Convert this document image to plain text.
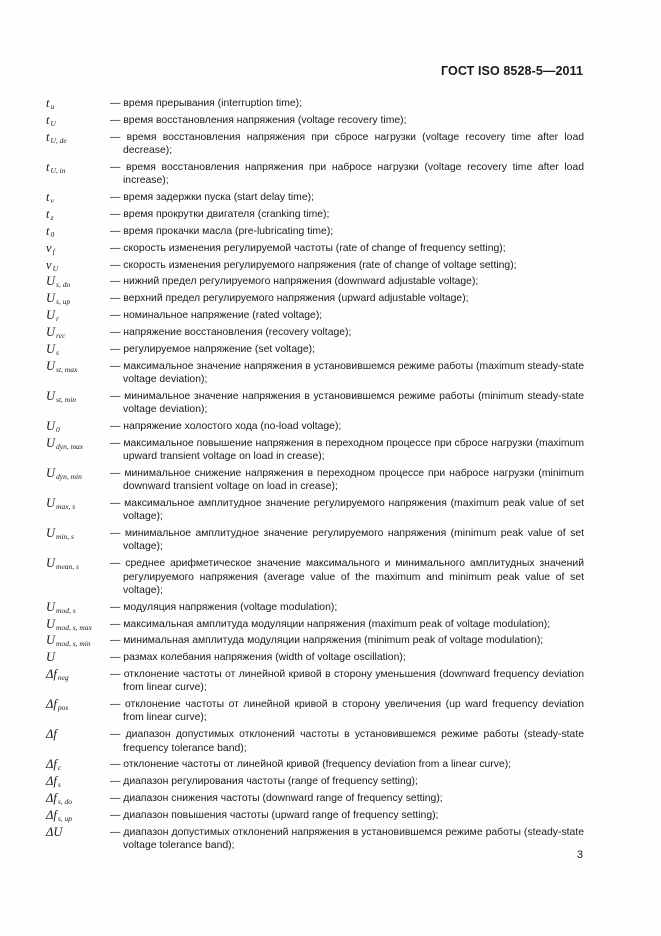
ГОСТ ISO 8528-5—2011
$t_u$	— время прерывания (interruption time);
$t_U$	— время восстановления напряжения (voltage recovery time);
$t_{U, de}$	— время восстановления напряжения при сбросе нагрузки (voltage recovery time after load decrease);
$t_{U, in}$	— время восстановления напряжения при набросе нагрузки (voltage recovery time after load increase);
$t_v$	— время задержки пуска (start delay time);
$t_z$	— время прокрутки двигателя (cranking time);
$t_0$	— время прокачки масла (pre-lubricating time);
$v_f$	— скорость изменения регулируемой частоты (rate of change of frequency setting);
$v_U$	— скорость изменения регулируемого напряжения (rate of change of voltage setting);
$U_{s, do}$	— нижний предел регулируемого напряжения (downward adjustable voltage);
$U_{s, up}$	— верхний предел регулируемого напряжения (upward adjustable voltage);
$U_r$	— номинальное напряжение (rated voltage);
$U_{rec}$	— напряжение восстановления (recovery voltage);
$U_s$	— регулируемое напряжение (set voltage);
$U_{st, max}$	— максимальное значение напряжения в установившемся режиме работы (maximum steady-state voltage deviation);
$U_{st, min}$	— минимальное значение напряжения в установившемся режиме работы (minimum steady-state voltage deviation);
$U_0$	— напряжение холостого хода (no-load voltage);
$U_{dyn, max}$	— максимальное повышение напряжения в переходном процессе при сбросе нагрузки (maximum upward transient voltage on load in crease);
$U_{dyn, min}$	— минимальное снижение напряжения в переходном процессе при набросе нагрузки (minimum downward transient voltage on load in crease);
$U_{max, s}$	— максимальное амплитудное значение регулируемого напряжения (maximum peak value of set voltage);
$U_{min, s}$	— минимальное амплитудное значение регулируемого напряжения (minimum peak value of set voltage);
$U_{mean, s}$	— среднее арифметическое значение максимального и минимального амплитудных значений регулируемого напряжения (average value of the maximum and minimum peak value of set voltage);
$U_{mod, s}$	— модуляция напряжения (voltage modulation);
$U_{mod, s, max}$	— максимальная амплитуда модуляции напряжения (maximum peak of voltage modulation);
$U_{mod, s, min}$	— минимальная амплитуда модуляции напряжения (minimum peak of voltage modulation);
U	— размах колебания напряжения (width of voltage oscillation);
$\Delta f_{neg}$	— отклонение частоты от линейной кривой в сторону уменьшения (downward frequency deviation from linear curve);
$\Delta f_{pos}$	— отклонение частоты от линейной кривой в сторону увеличения (up ward frequency deviation from linear curve);
Δf	— диапазон допустимых отклонений частоты в установившемся режиме работы (steady-state frequency tolerance band);
$\Delta f_c$	— отклонение частоты от линейной кривой (frequency deviation from a linear curve);
$\Delta f_s$	— диапазон регулирования частоты (range of frequency setting);
$\Delta f_{s, do}$	— диапазон снижения частоты (downward range of frequency setting);
$\Delta f_{s, up}$	— диапазон повышения частоты (upward range of frequency setting);
ΔU	— диапазон допустимых отклонений напряжения в установившемся режиме работы (steady-state voltage tolerance band);
3
